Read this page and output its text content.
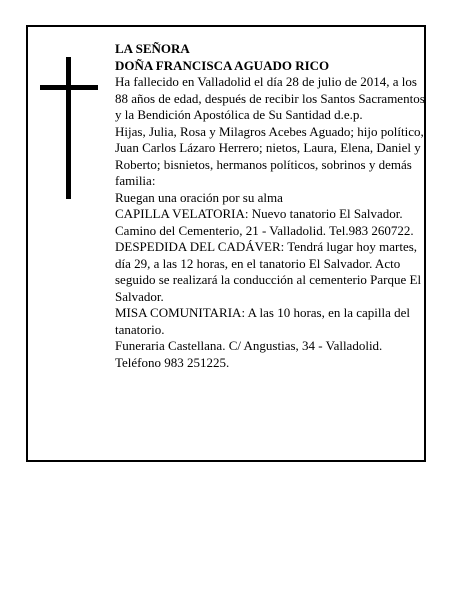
LA SEÑORA

DOÑA FRANCISCA AGUADO RICO

Ha fallecido en Valladolid el día 28 de julio de 2014, a los 88 años de edad, después de recibir los Santos Sacramentos y la Bendición Apostólica de Su Santidad d.e.p.

Hijas, Julia, Rosa y Milagros Acebes Aguado; hijo político, Juan Carlos Lázaro Herrero; nietos, Laura, Elena, Daniel y Roberto; bisnietos, hermanos políticos, sobrinos y demás familia:

Ruegan una oración por su alma

CAPILLA VELATORIA: Nuevo tanatorio El Salvador. Camino del Cementerio, 21 - Valladolid. Tel.983 260722.

DESPEDIDA DEL CADÁVER: Tendrá lugar hoy martes, día 29, a las 12 horas, en el tanatorio El Salvador. Acto seguido se realizará la conducción al cementerio Parque El Salvador.

MISA COMUNITARIA: A las 10 horas, en la capilla del tanatorio.

Funeraria Castellana. C/ Angustias, 34 - Valladolid. Teléfono 983 251225.
